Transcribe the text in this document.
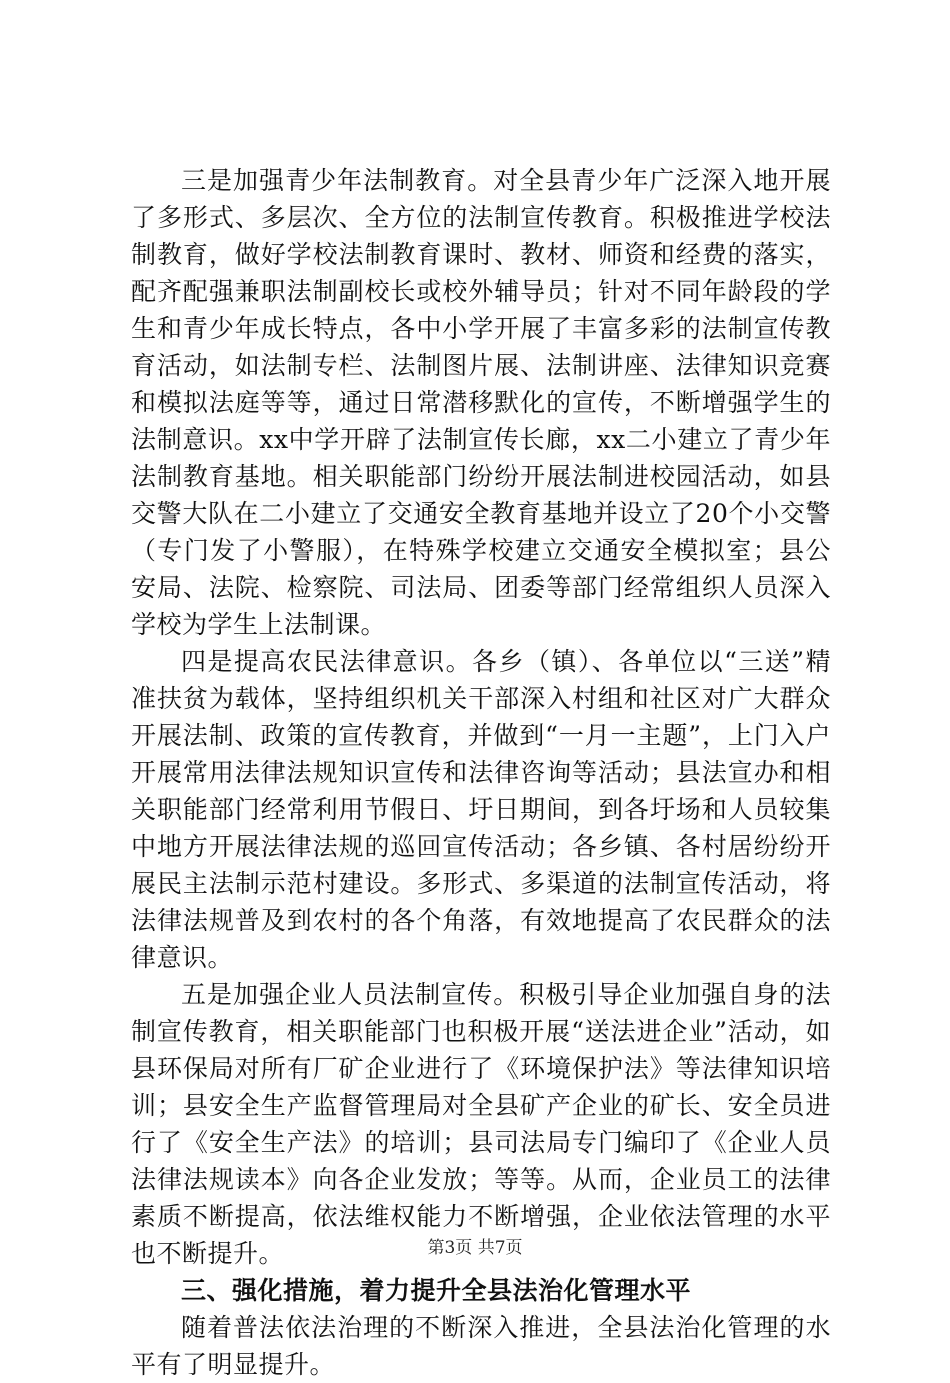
三是加强青少年法制教育。对全县青少年广泛深入地开展了多形式、多层次、全方位的法制宣传教育。积极推进学校法制教育，做好学校法制教育课时、教材、师资和经费的落实，配齐配强兼职法制副校长或校外辅导员；针对不同年龄段的学生和青少年成长特点，各中小学开展了丰富多彩的法制宣传教育活动，如法制专栏、法制图片展、法制讲座、法律知识竞赛和模拟法庭等等，通过日常潜移默化的宣传，不断增强学生的法制意识。xx中学开辟了法制宣传长廊，xx二小建立了青少年法制教育基地。相关职能部门纷纷开展法制进校园活动，如县交警大队在二小建立了交通安全教育基地并设立了20个小交警（专门发了小警服），在特殊学校建立交通安全模拟室；县公安局、法院、检察院、司法局、团委等部门经常组织人员深入学校为学生上法制课。

四是提高农民法律意识。各乡（镇）、各单位以“三送”精准扶贫为载体，坚持组织机关干部深入村组和社区对广大群众开展法制、政策的宣传教育，并做到“一月一主题”，上门入户开展常用法律法规知识宣传和法律咨询等活动；县法宣办和相关职能部门经常利用节假日、圩日期间，到各圩场和人员较集中地方开展法律法规的巡回宣传活动；各乡镇、各村居纷纷开展民主法制示范村建设。多形式、多渠道的法制宣传活动，将法律法规普及到农村的各个角落，有效地提高了农民群众的法律意识。

五是加强企业人员法制宣传。积极引导企业加强自身的法制宣传教育，相关职能部门也积极开展“送法进企业”活动，如县环保局对所有厂矿企业进行了《环境保护法》等法律知识培训；县安全生产监督管理局对全县矿产企业的矿长、安全员进行了《安全生产法》的培训；县司法局专门编印了《企业人员法律法规读本》向各企业发放；等等。从而，企业员工的法律素质不断提高，依法维权能力不断增强，企业依法管理的水平也不断提升。

三、强化措施，着力提升全县法治化管理水平

随着普法依法治理的不断深入推进，全县法治化管理的水平有了明显提升。

第3页 共7页
